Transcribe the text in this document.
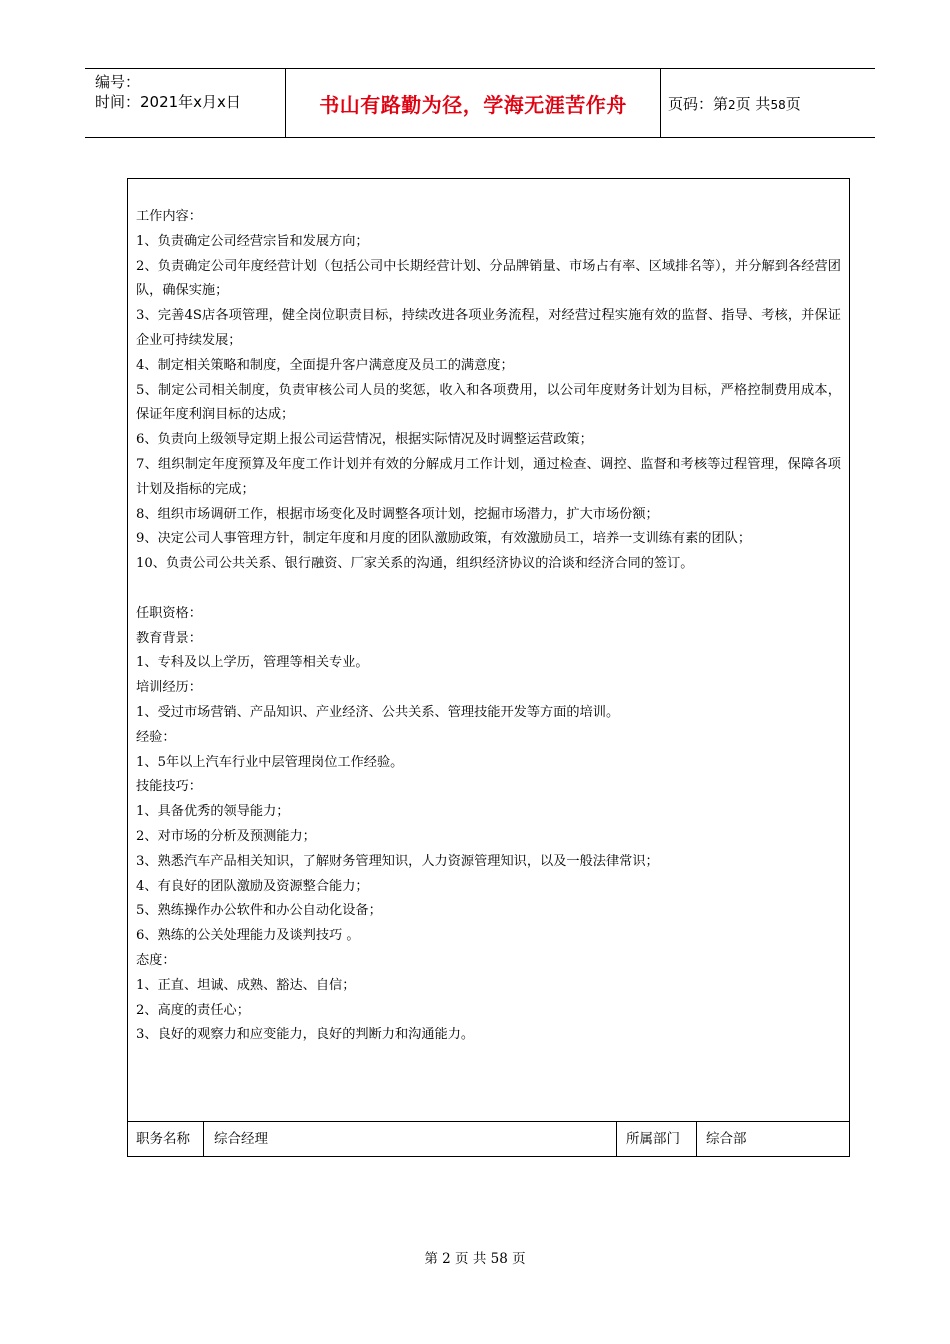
编号：
时间：2021年x月x日	书山有路勤为径，学海无涯苦作舟	页码：第2页 共58页

工作内容：

1、负责确定公司经营宗旨和发展方向；

2、负责确定公司年度经营计划（包括公司中长期经营计划、分品牌销量、市场占有率、区域排名等），并分解到各经营团队，确保实施；

3、完善4S店各项管理，健全岗位职责目标，持续改进各项业务流程，对经营过程实施有效的监督、指导、考核，并保证企业可持续发展；

4、制定相关策略和制度，全面提升客户满意度及员工的满意度；

5、制定公司相关制度，负责审核公司人员的奖惩，收入和各项费用，以公司年度财务计划为目标，严格控制费用成本，保证年度利润目标的达成；

6、负责向上级领导定期上报公司运营情况，根据实际情况及时调整运营政策；

7、组织制定年度预算及年度工作计划并有效的分解成月工作计划，通过检查、调控、监督和考核等过程管理，保障各项计划及指标的完成；

8、组织市场调研工作，根据市场变化及时调整各项计划，挖掘市场潜力，扩大市场份额；

9、决定公司人事管理方针，制定年度和月度的团队激励政策，有效激励员工，培养一支训练有素的团队；

10、负责公司公共关系、银行融资、厂家关系的沟通，组织经济协议的洽谈和经济合同的签订。

任职资格：

教育背景：

1、专科及以上学历，管理等相关专业。

培训经历：

1、受过市场营销、产品知识、产业经济、公共关系、管理技能开发等方面的培训。

经验：

1、5年以上汽车行业中层管理岗位工作经验。

技能技巧：

1、具备优秀的领导能力；

2、对市场的分析及预测能力；

3、熟悉汽车产品相关知识，了解财务管理知识，人力资源管理知识，以及一般法律常识；

4、有良好的团队激励及资源整合能力；

5、熟练操作办公软件和办公自动化设备；

6、熟练的公关处理能力及谈判技巧 。

态度：

1、正直、坦诚、成熟、豁达、自信；

2、高度的责任心；

3、良好的观察力和应变能力，良好的判断力和沟通能力。

职务名称	综合经理	所属部门	综合部
第 2 页 共 58 页
